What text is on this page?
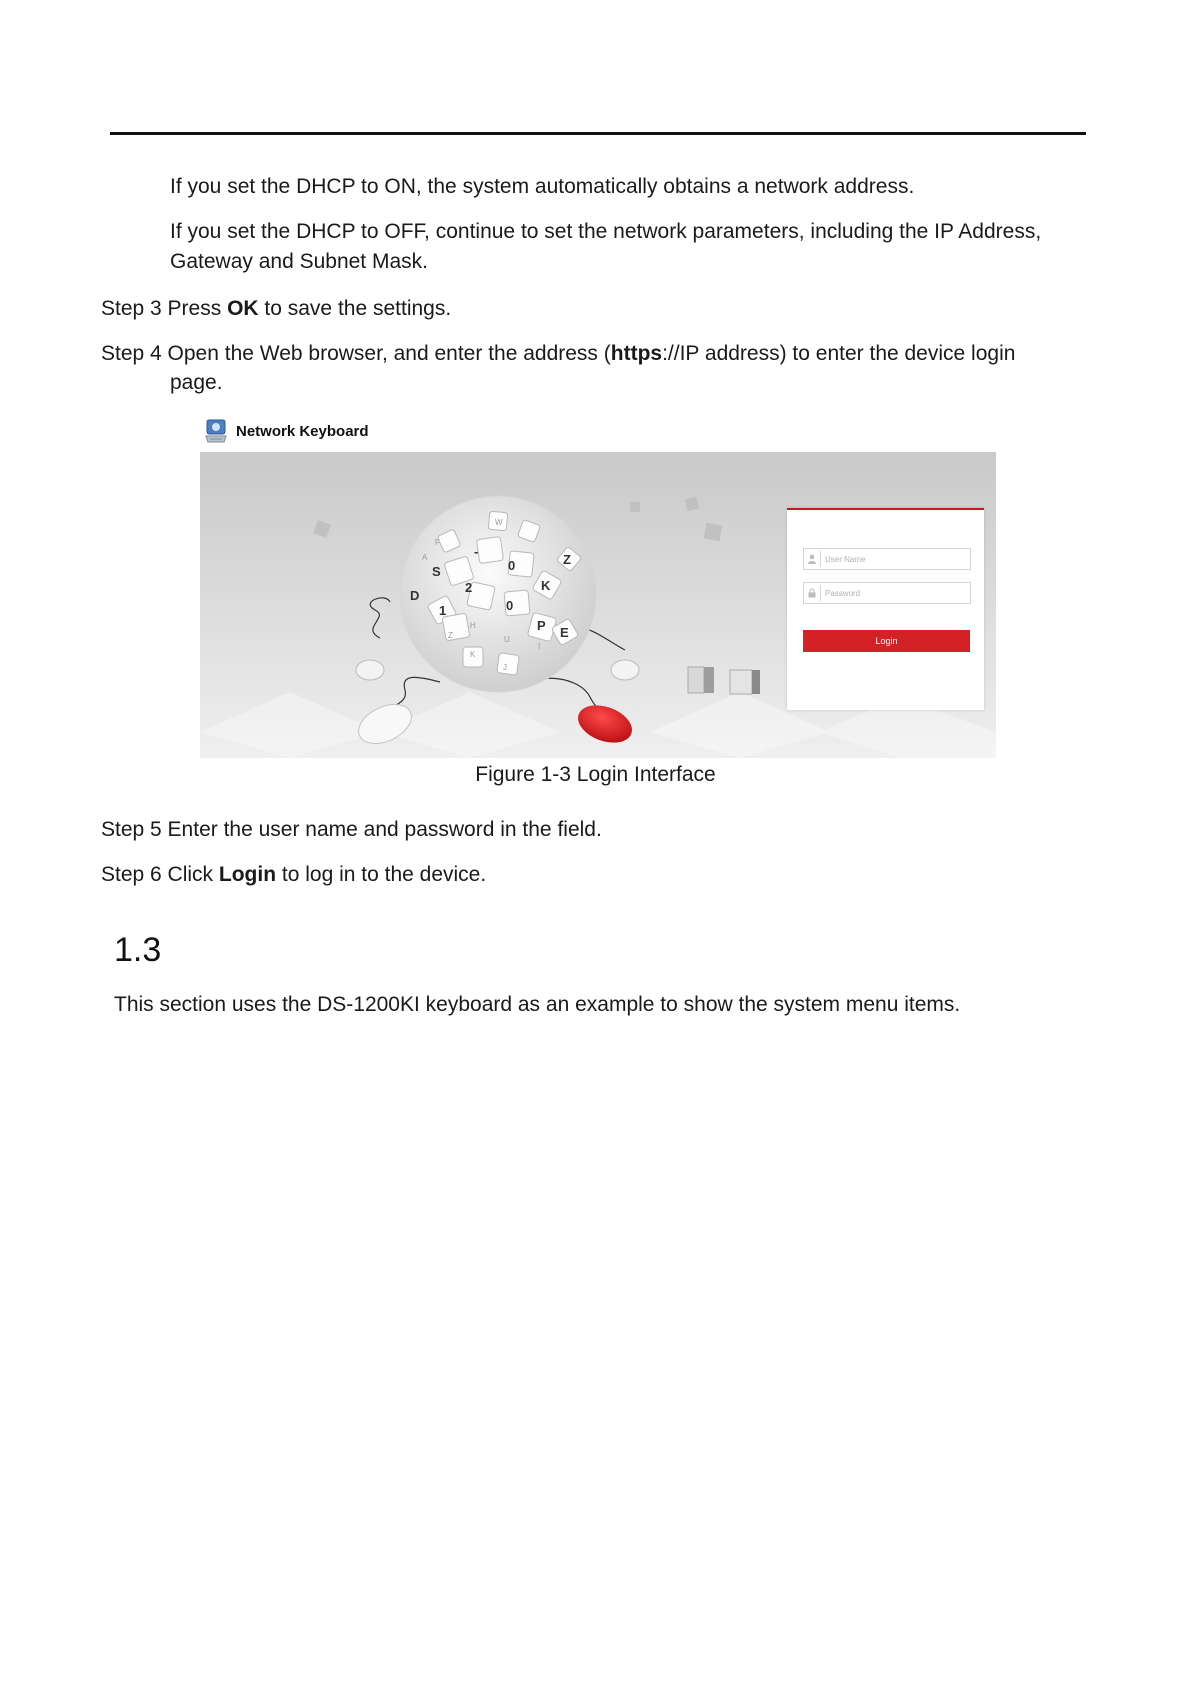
If you set the DHCP to ON, the system automatically obtains a network address.
If you set the DHCP to OFF, continue to set the network parameters, including the IP Address,
Gateway and Subnet Mask.
Step 3 Press OK to save the settings.
Step 4 Open the Web browser, and enter the address (https://IP address) to enter the device login
page.
Network Keyboard
0
2
1	0
S
D
K
Z
P E
-
W
H
U
J
I
K
Z
F
A	User Name
Password
Login
Figure 1-3 Login Interface
Step 5 Enter the user name and password in the field.
Step 6 Click Login to log in to the device.
1.3
This section uses the DS-1200KI keyboard as an example to show the system menu items.
